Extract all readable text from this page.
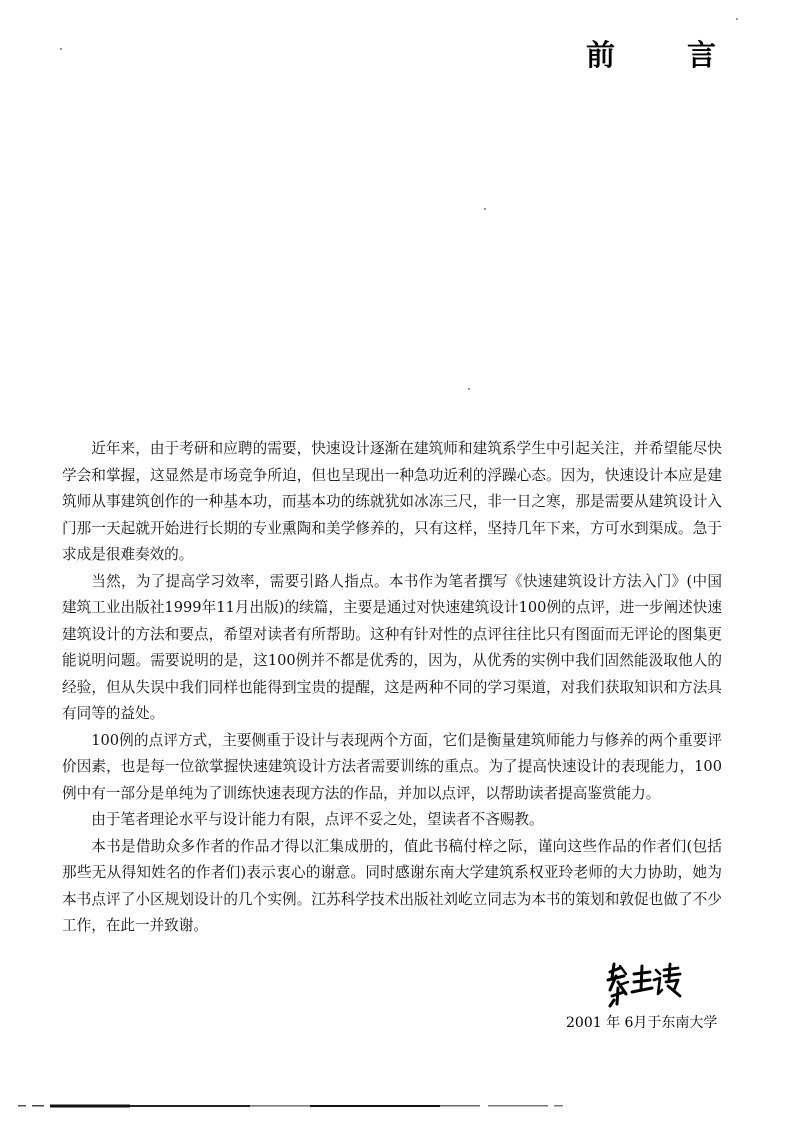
前 言

近年来，由于考研和应聘的需要，快速设计逐渐在建筑师和建筑系学生中引起关注，并希望能尽快学会和掌握，这显然是市场竞争所迫，但也呈现出一种急功近利的浮躁心态。因为，快速设计本应是建筑师从事建筑创作的一种基本功，而基本功的练就犹如冰冻三尺，非一日之寒，那是需要从建筑设计入门那一天起就开始进行长期的专业熏陶和美学修养的，只有这样，坚持几年下来，方可水到渠成。急于求成是很难奏效的。

当然，为了提高学习效率，需要引路人指点。本书作为笔者撰写《快速建筑设计方法入门》(中国建筑工业出版社1999年11月出版)的续篇，主要是通过对快速建筑设计100例的点评，进一步阐述快速建筑设计的方法和要点，希望对读者有所帮助。这种有针对性的点评往往比只有图面而无评论的图集更能说明问题。需要说明的是，这100例并不都是优秀的，因为，从优秀的实例中我们固然能汲取他人的经验，但从失误中我们同样也能得到宝贵的提醒，这是两种不同的学习渠道，对我们获取知识和方法具有同等的益处。

100例的点评方式，主要侧重于设计与表现两个方面，它们是衡量建筑师能力与修养的两个重要评价因素，也是每一位欲掌握快速建筑设计方法者需要训练的重点。为了提高快速设计的表现能力，100例中有一部分是单纯为了训练快速表现方法的作品，并加以点评，以帮助读者提高鉴赏能力。

由于笔者理论水平与设计能力有限，点评不妥之处，望读者不吝赐教。

本书是借助众多作者的作品才得以汇集成册的，值此书稿付梓之际，谨向这些作品的作者们(包括那些无从得知姓名的作者们)表示衷心的谢意。同时感谢东南大学建筑系权亚玲老师的大力协助，她为本书点评了小区规划设计的几个实例。江苏科学技术出版社刘屹立同志为本书的策划和敦促也做了不少工作，在此一并致谢。

2001 年 6月于东南大学
